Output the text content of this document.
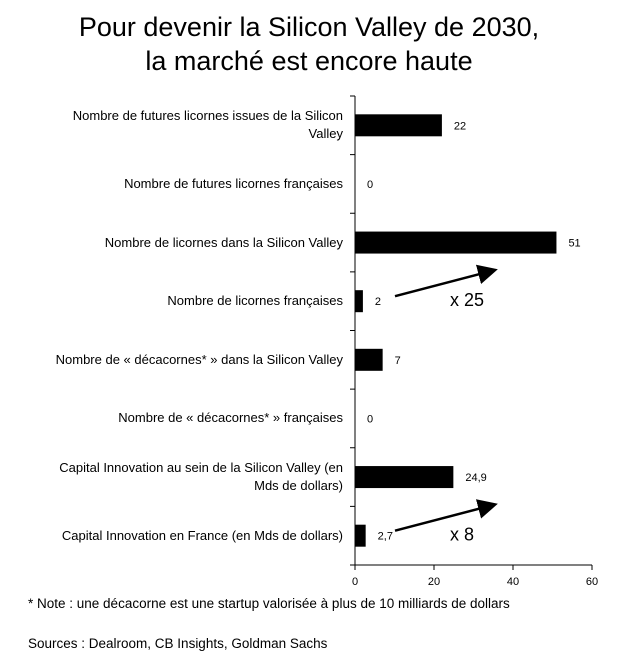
Pour devenir la Silicon Valley de 2030,
la marché est encore haute
Nombre de futures licornes issues de la Silicon
Valley
Nombre de futures licornes françaises
Nombre de licornes dans la Silicon Valley
Nombre de licornes françaises
Nombre de « décacornes* » dans la Silicon Valley
Nombre de « décacornes* » françaises
Capital Innovation au sein de la Silicon Valley (en
Mds de dollars)
Capital Innovation en France (en Mds de dollars)
0	20	40	60
22
0
51
2
7
0
24,9
2,7
x 25
x 8
* Note : une décacorne est une startup valorisée à plus de 10 milliards de dollars
Sources : Dealroom, CB Insights, Goldman Sachs
